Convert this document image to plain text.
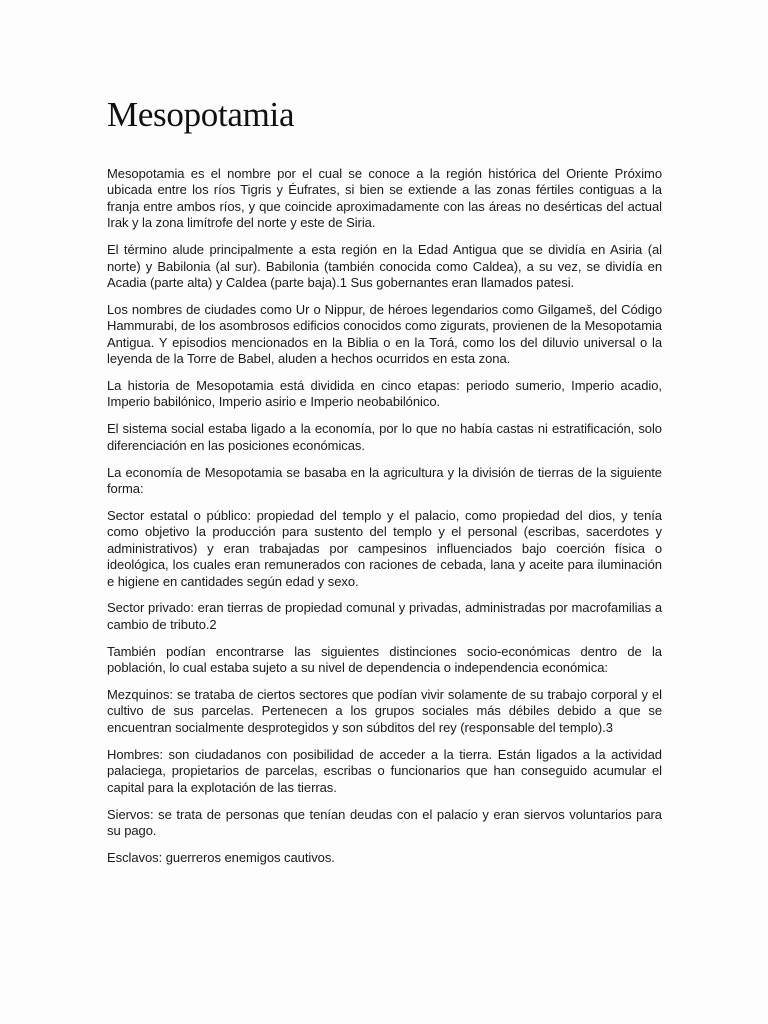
Mesopotamia

Mesopotamia es el nombre por el cual se conoce a la región histórica del Oriente Próximo ubicada entre los ríos Tigris y Éufrates, si bien se extiende a las zonas fértiles contiguas a la franja entre ambos ríos, y que coincide aproximadamente con las áreas no desérticas del actual Irak y la zona limítrofe del norte y este de Siria.

El término alude principalmente a esta región en la Edad Antigua que se dividía en Asiria (al norte) y Babilonia (al sur). Babilonia (también conocida como Caldea), a su vez, se dividía en Acadia (parte alta) y Caldea (parte baja).1 Sus gobernantes eran llamados patesi.

Los nombres de ciudades como Ur o Nippur, de héroes legendarios como Gilgameš, del Código Hammurabi, de los asombrosos edificios conocidos como zigurats, provienen de la Mesopotamia Antigua. Y episodios mencionados en la Biblia o en la Torá, como los del diluvio universal o la leyenda de la Torre de Babel, aluden a hechos ocurridos en esta zona.

La historia de Mesopotamia está dividida en cinco etapas: periodo sumerio, Imperio acadio, Imperio babilónico, Imperio asirio e Imperio neobabilónico.

El sistema social estaba ligado a la economía, por lo que no había castas ni estratificación, solo diferenciación en las posiciones económicas.

La economía de Mesopotamia se basaba en la agricultura y la división de tierras de la siguiente forma:

Sector estatal o público: propiedad del templo y el palacio, como propiedad del dios, y tenía como objetivo la producción para sustento del templo y el personal (escribas, sacerdotes y administrativos) y eran trabajadas por campesinos influenciados bajo coerción física o ideológica, los cuales eran remunerados con raciones de cebada, lana y aceite para iluminación e higiene en cantidades según edad y sexo.

Sector privado: eran tierras de propiedad comunal y privadas, administradas por macrofamilias a cambio de tributo.2

También podían encontrarse las siguientes distinciones socio-económicas dentro de la población, lo cual estaba sujeto a su nivel de dependencia o independencia económica:

Mezquinos: se trataba de ciertos sectores que podían vivir solamente de su trabajo corporal y el cultivo de sus parcelas. Pertenecen a los grupos sociales más débiles debido a que se encuentran socialmente desprotegidos y son súbditos del rey (responsable del templo).3

Hombres: son ciudadanos con posibilidad de acceder a la tierra. Están ligados a la actividad palaciega, propietarios de parcelas, escribas o funcionarios que han conseguido acumular el capital para la explotación de las tierras.

Siervos: se trata de personas que tenían deudas con el palacio y eran siervos voluntarios para su pago.

Esclavos: guerreros enemigos cautivos.
